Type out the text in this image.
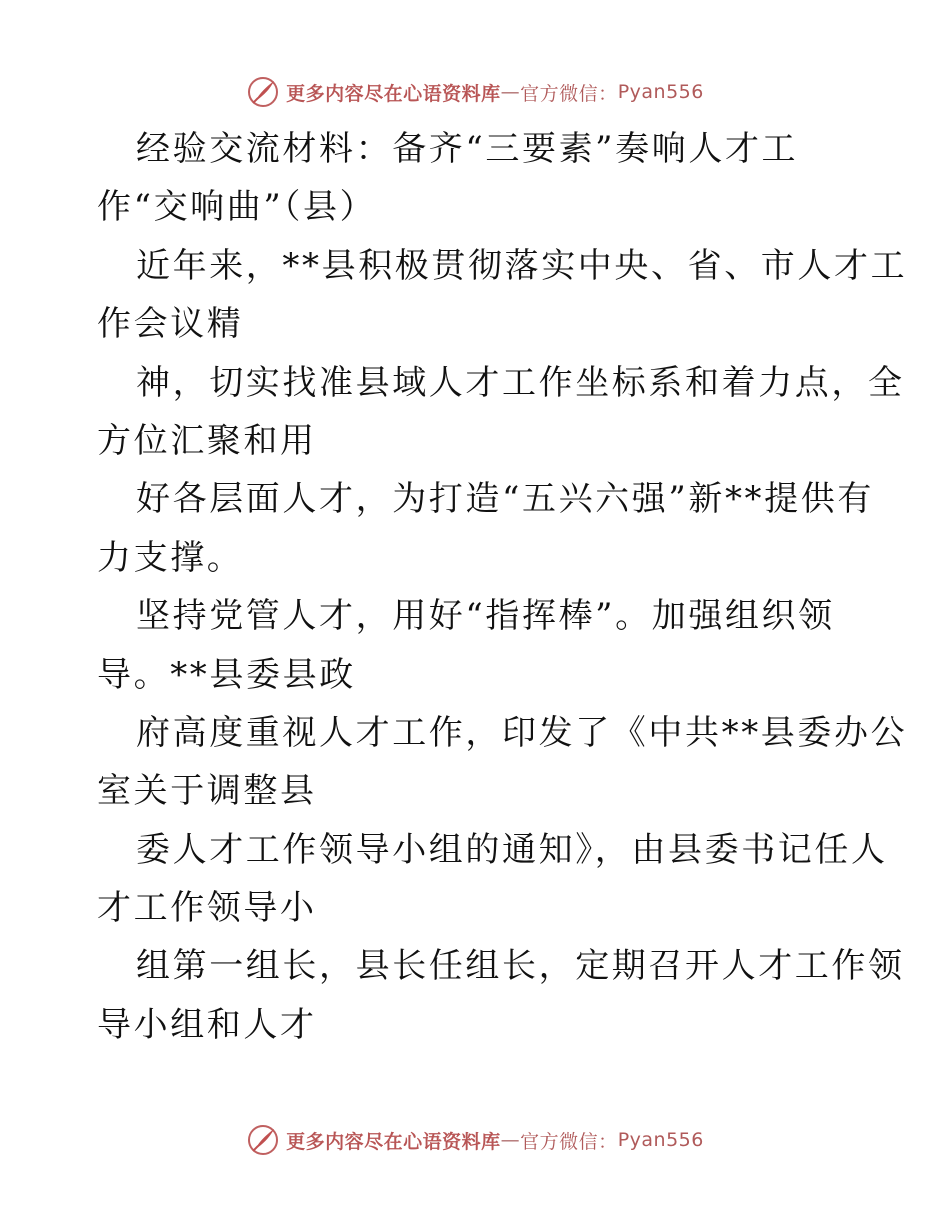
更多内容尽在心语资料库 — 官方微信： Pyan556
经验交流材料：备齐“三要素”奏响人才工
作“交响曲”（县）
近年来，**县积极贯彻落实中央、省、市人才工
作会议精
神，切实找准县域人才工作坐标系和着力点，全
方位汇聚和用
好各层面人才，为打造“五兴六强”新**提供有
力支撑。
坚持党管人才，用好“指挥棒”。加强组织领
导。**县委县政
府高度重视人才工作，印发了《中共**县委办公
室关于调整县
委人才工作领导小组的通知》，由县委书记任人
才工作领导小
组第一组长，县长任组长，定期召开人才工作领
导小组和人才
更多内容尽在心语资料库 — 官方微信： Pyan556
